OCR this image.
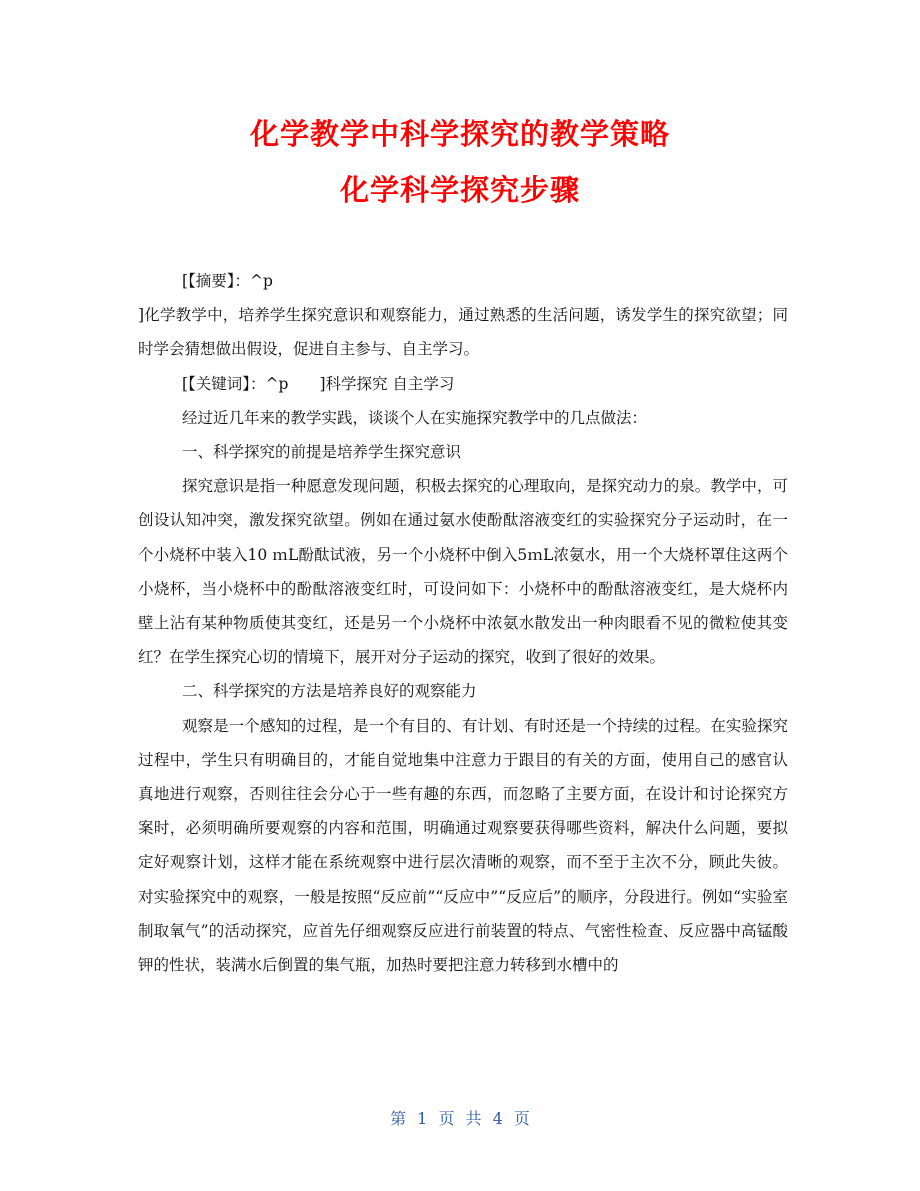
化学教学中科学探究的教学策略
化学科学探究步骤

[【摘要】：^p

]化学教学中，培养学生探究意识和观察能力，通过熟悉的生活问题，诱发学生的探究欲望；同时学会猜想做出假设，促进自主参与、自主学习。

[【关键词】：^p　　]科学探究 自主学习

经过近几年来的教学实践，谈谈个人在实施探究教学中的几点做法：

一、科学探究的前提是培养学生探究意识

探究意识是指一种愿意发现问题，积极去探究的心理取向，是探究动力的泉。教学中，可创设认知冲突，激发探究欲望。例如在通过氨水使酚酞溶液变红的实验探究分子运动时，在一个小烧杯中装入10 ｍL酚酞试液，另一个小烧杯中倒入5ｍL浓氨水，用一个大烧杯罩住这两个小烧杯，当小烧杯中的酚酞溶液变红时，可设问如下：小烧杯中的酚酞溶液变红，是大烧杯内壁上沾有某种物质使其变红，还是另一个小烧杯中浓氨水散发出一种肉眼看不见的微粒使其变红？在学生探究心切的情境下，展开对分子运动的探究，收到了很好的效果。

二、科学探究的方法是培养良好的观察能力

观察是一个感知的过程，是一个有目的、有计划、有时还是一个持续的过程。在实验探究过程中，学生只有明确目的，才能自觉地集中注意力于跟目的有关的方面，使用自己的感官认真地进行观察，否则往往会分心于一些有趣的东西，而忽略了主要方面，在设计和讨论探究方案时，必须明确所要观察的内容和范围，明确通过观察要获得哪些资料，解决什么问题，要拟定好观察计划，这样才能在系统观察中进行层次清晰的观察，而不至于主次不分，顾此失彼。对实验探究中的观察，一般是按照“反应前”“反应中”“反应后”的顺序，分段进行。例如“实验室制取氧气”的活动探究，应首先仔细观察反应进行前装置的特点、气密性检查、反应器中高锰酸钾的性状，装满水后倒置的集气瓶，加热时要把注意力转移到水槽中的

第 1 页 共 4 页
